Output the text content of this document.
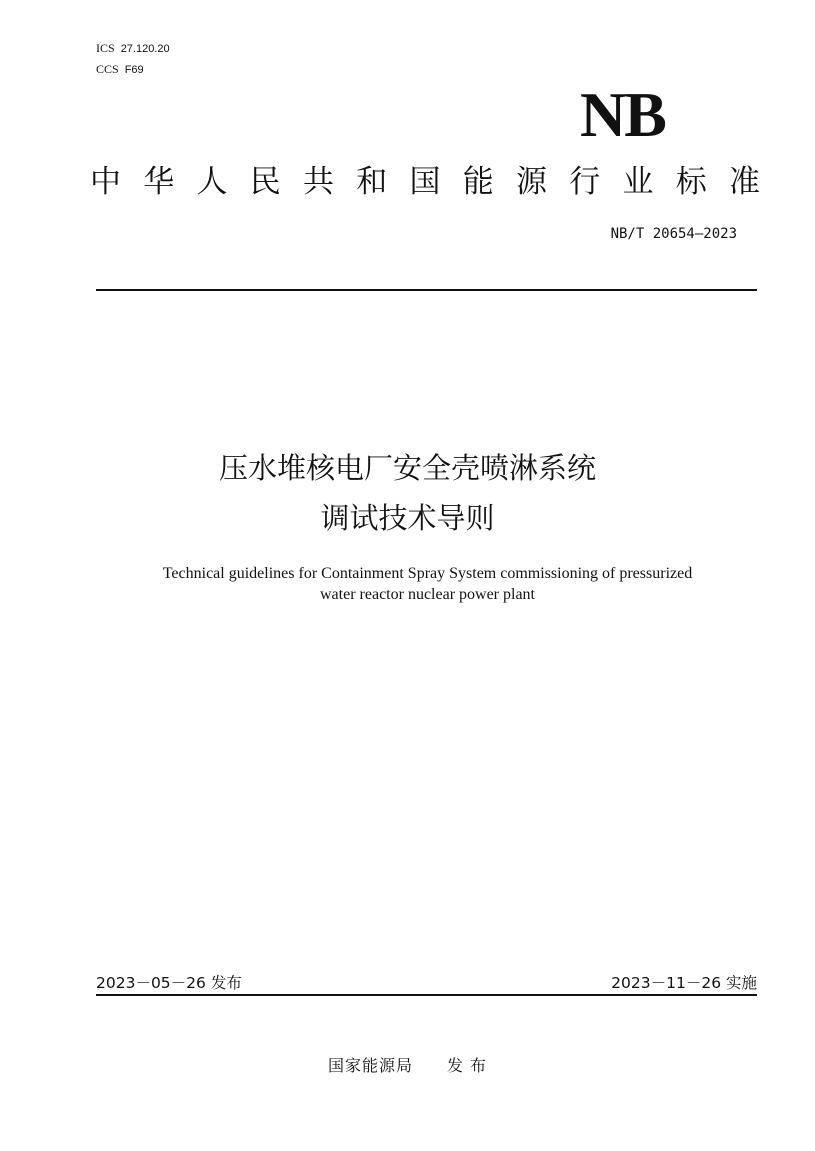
ICS 27.120.20
CCS F69
NB
中 华 人 民 共 和 国 能 源 行 业 标 准
NB/T 20654—2023
压水堆核电厂安全壳喷淋系统
调试技术导则
Technical guidelines for Containment Spray System commissioning of pressurized
water reactor nuclear power plant
2023－05－26 发布	2023－11－26 实施
国家能源局 发 布
